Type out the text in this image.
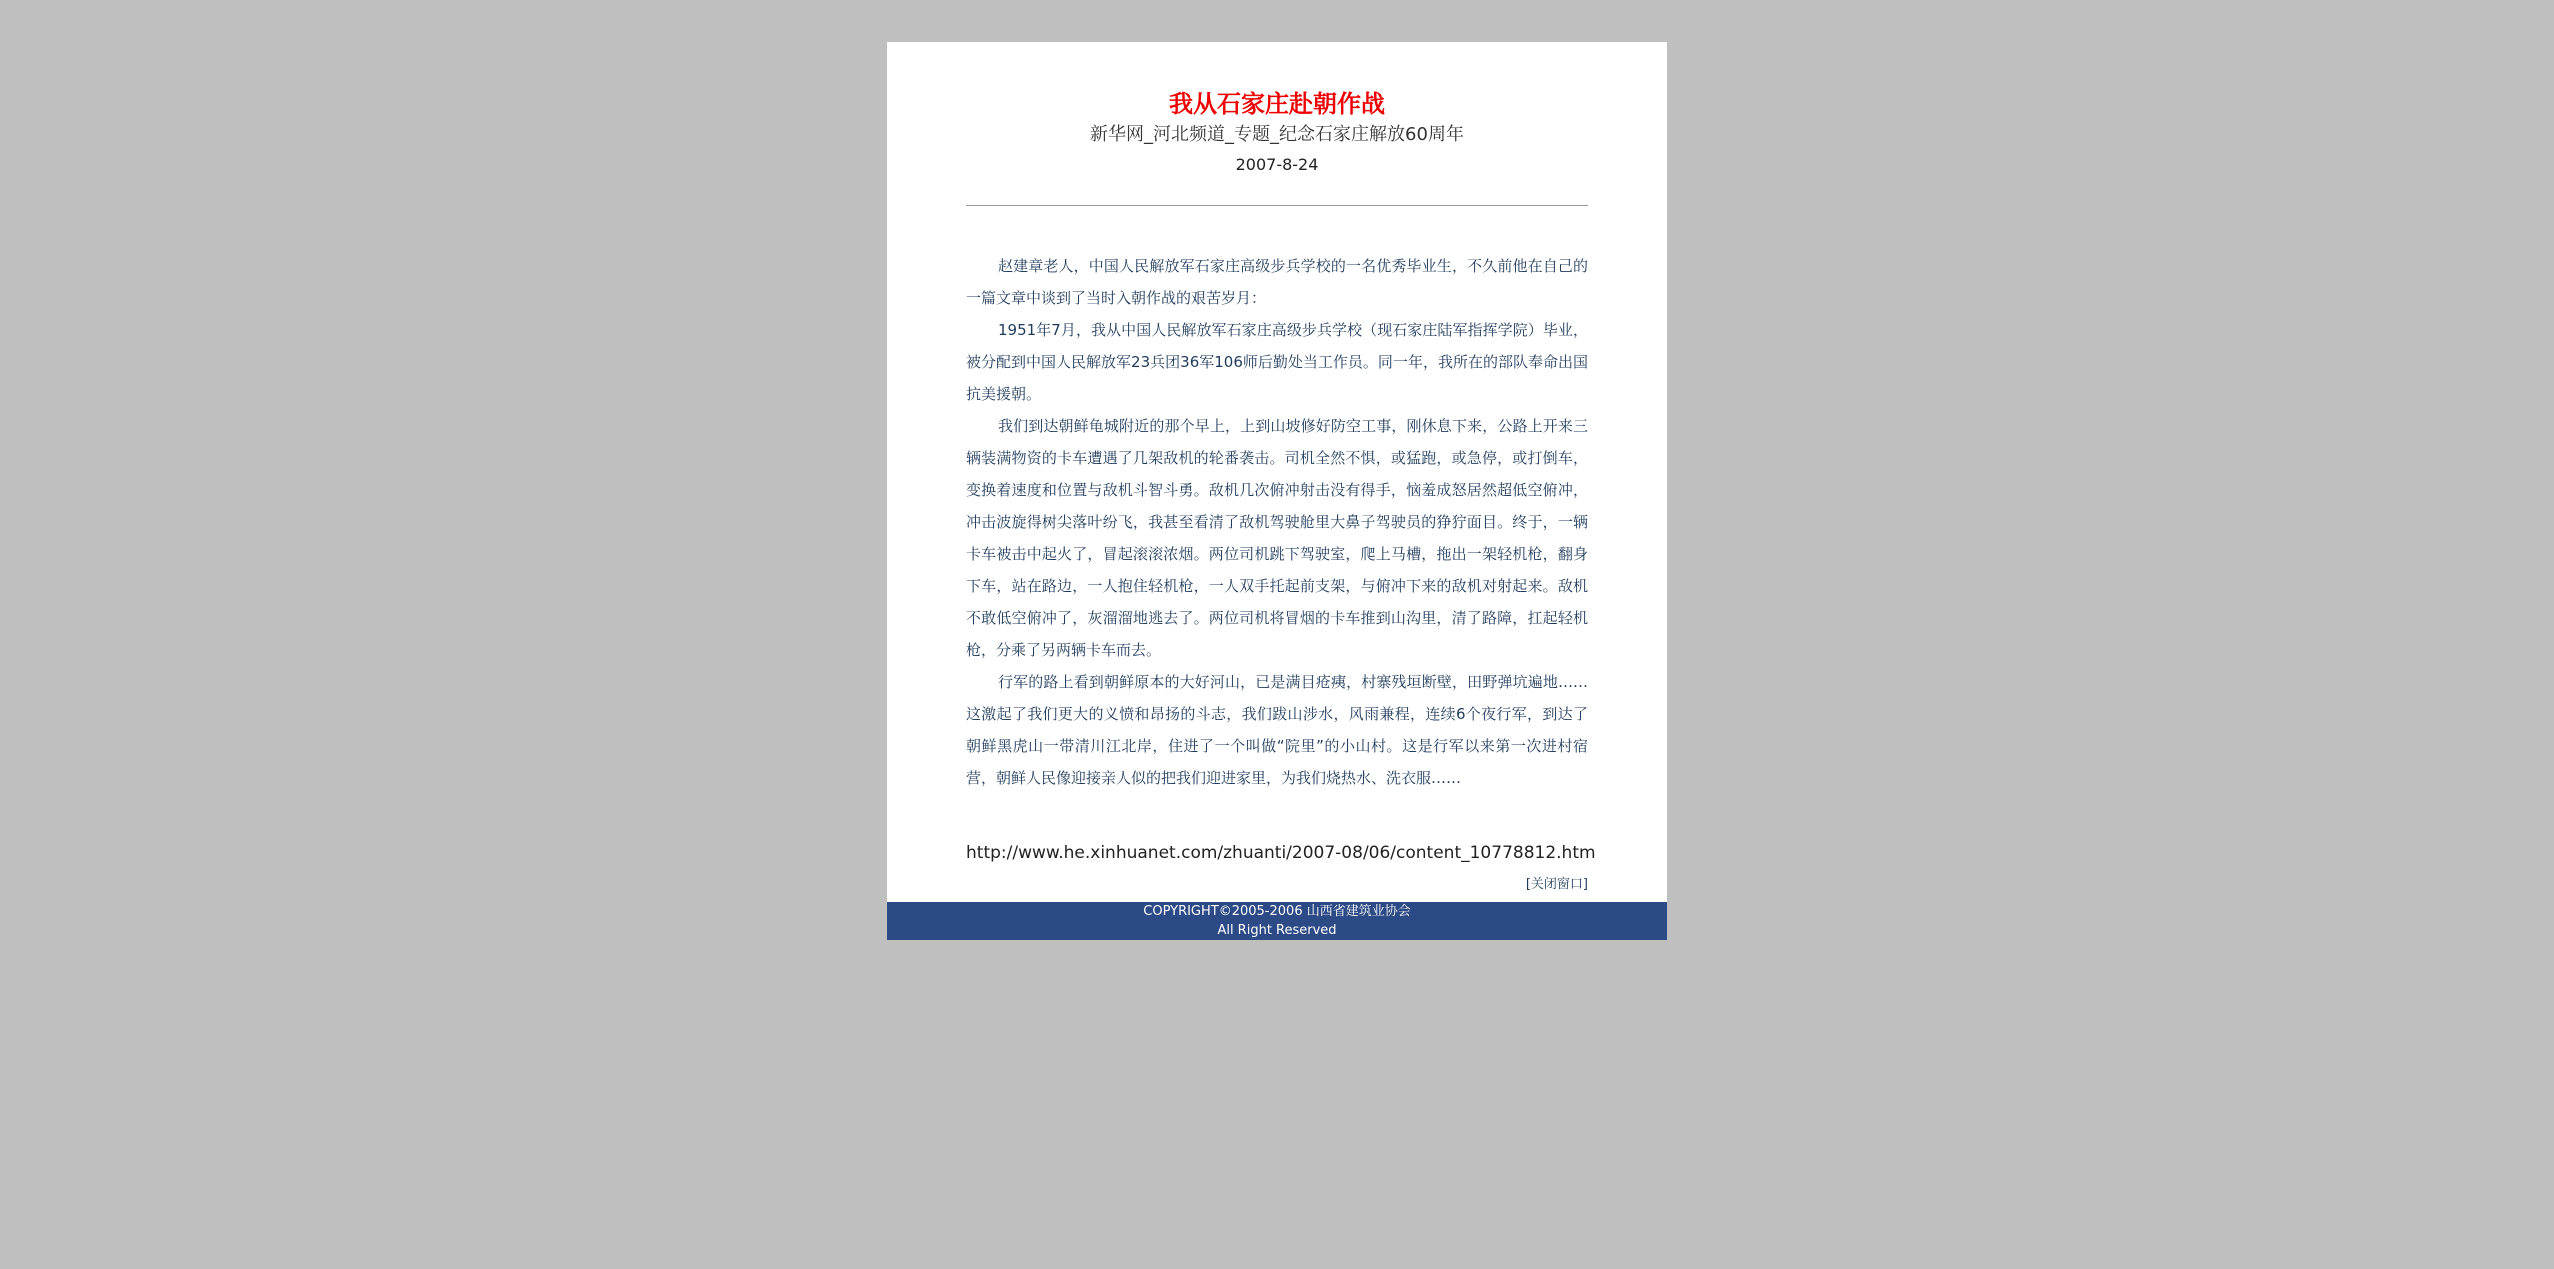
我从石家庄赴朝作战
新华网_河北频道_专题_纪念石家庄解放60周年
2007-8-24

赵建章老人，中国人民解放军石家庄高级步兵学校的一名优秀毕业生，不久前他在自己的一篇文章中谈到了当时入朝作战的艰苦岁月：

1951年7月，我从中国人民解放军石家庄高级步兵学校（现石家庄陆军指挥学院）毕业，被分配到中国人民解放军23兵团36军106师后勤处当工作员。同一年，我所在的部队奉命出国抗美援朝。

我们到达朝鲜龟城附近的那个早上，上到山坡修好防空工事，刚休息下来，公路上开来三辆装满物资的卡车遭遇了几架敌机的轮番袭击。司机全然不惧，或猛跑，或急停，或打倒车，变换着速度和位置与敌机斗智斗勇。敌机几次俯冲射击没有得手，恼羞成怒居然超低空俯冲，冲击波旋得树尖落叶纷飞，我甚至看清了敌机驾驶舱里大鼻子驾驶员的狰狞面目。终于，一辆卡车被击中起火了，冒起滚滚浓烟。两位司机跳下驾驶室，爬上马槽，拖出一架轻机枪，翻身下车，站在路边，一人抱住轻机枪，一人双手托起前支架，与俯冲下来的敌机对射起来。敌机不敢低空俯冲了，灰溜溜地逃去了。两位司机将冒烟的卡车推到山沟里，清了路障，扛起轻机枪，分乘了另两辆卡车而去。

行军的路上看到朝鲜原本的大好河山，已是满目疮痍，村寨残垣断壁，田野弹坑遍地……这激起了我们更大的义愤和昂扬的斗志，我们跋山涉水，风雨兼程，连续6个夜行军，到达了朝鲜黑虎山一带清川江北岸，住进了一个叫做“院里”的小山村。这是行军以来第一次进村宿营，朝鲜人民像迎接亲人似的把我们迎进家里，为我们烧热水、洗衣服……

http://www.he.xinhuanet.com/zhuanti/2007-08/06/content_10778812.htm
[关闭窗口]
COPYRIGHT©2005-2006 山西省建筑业协会
All Right Reserved
